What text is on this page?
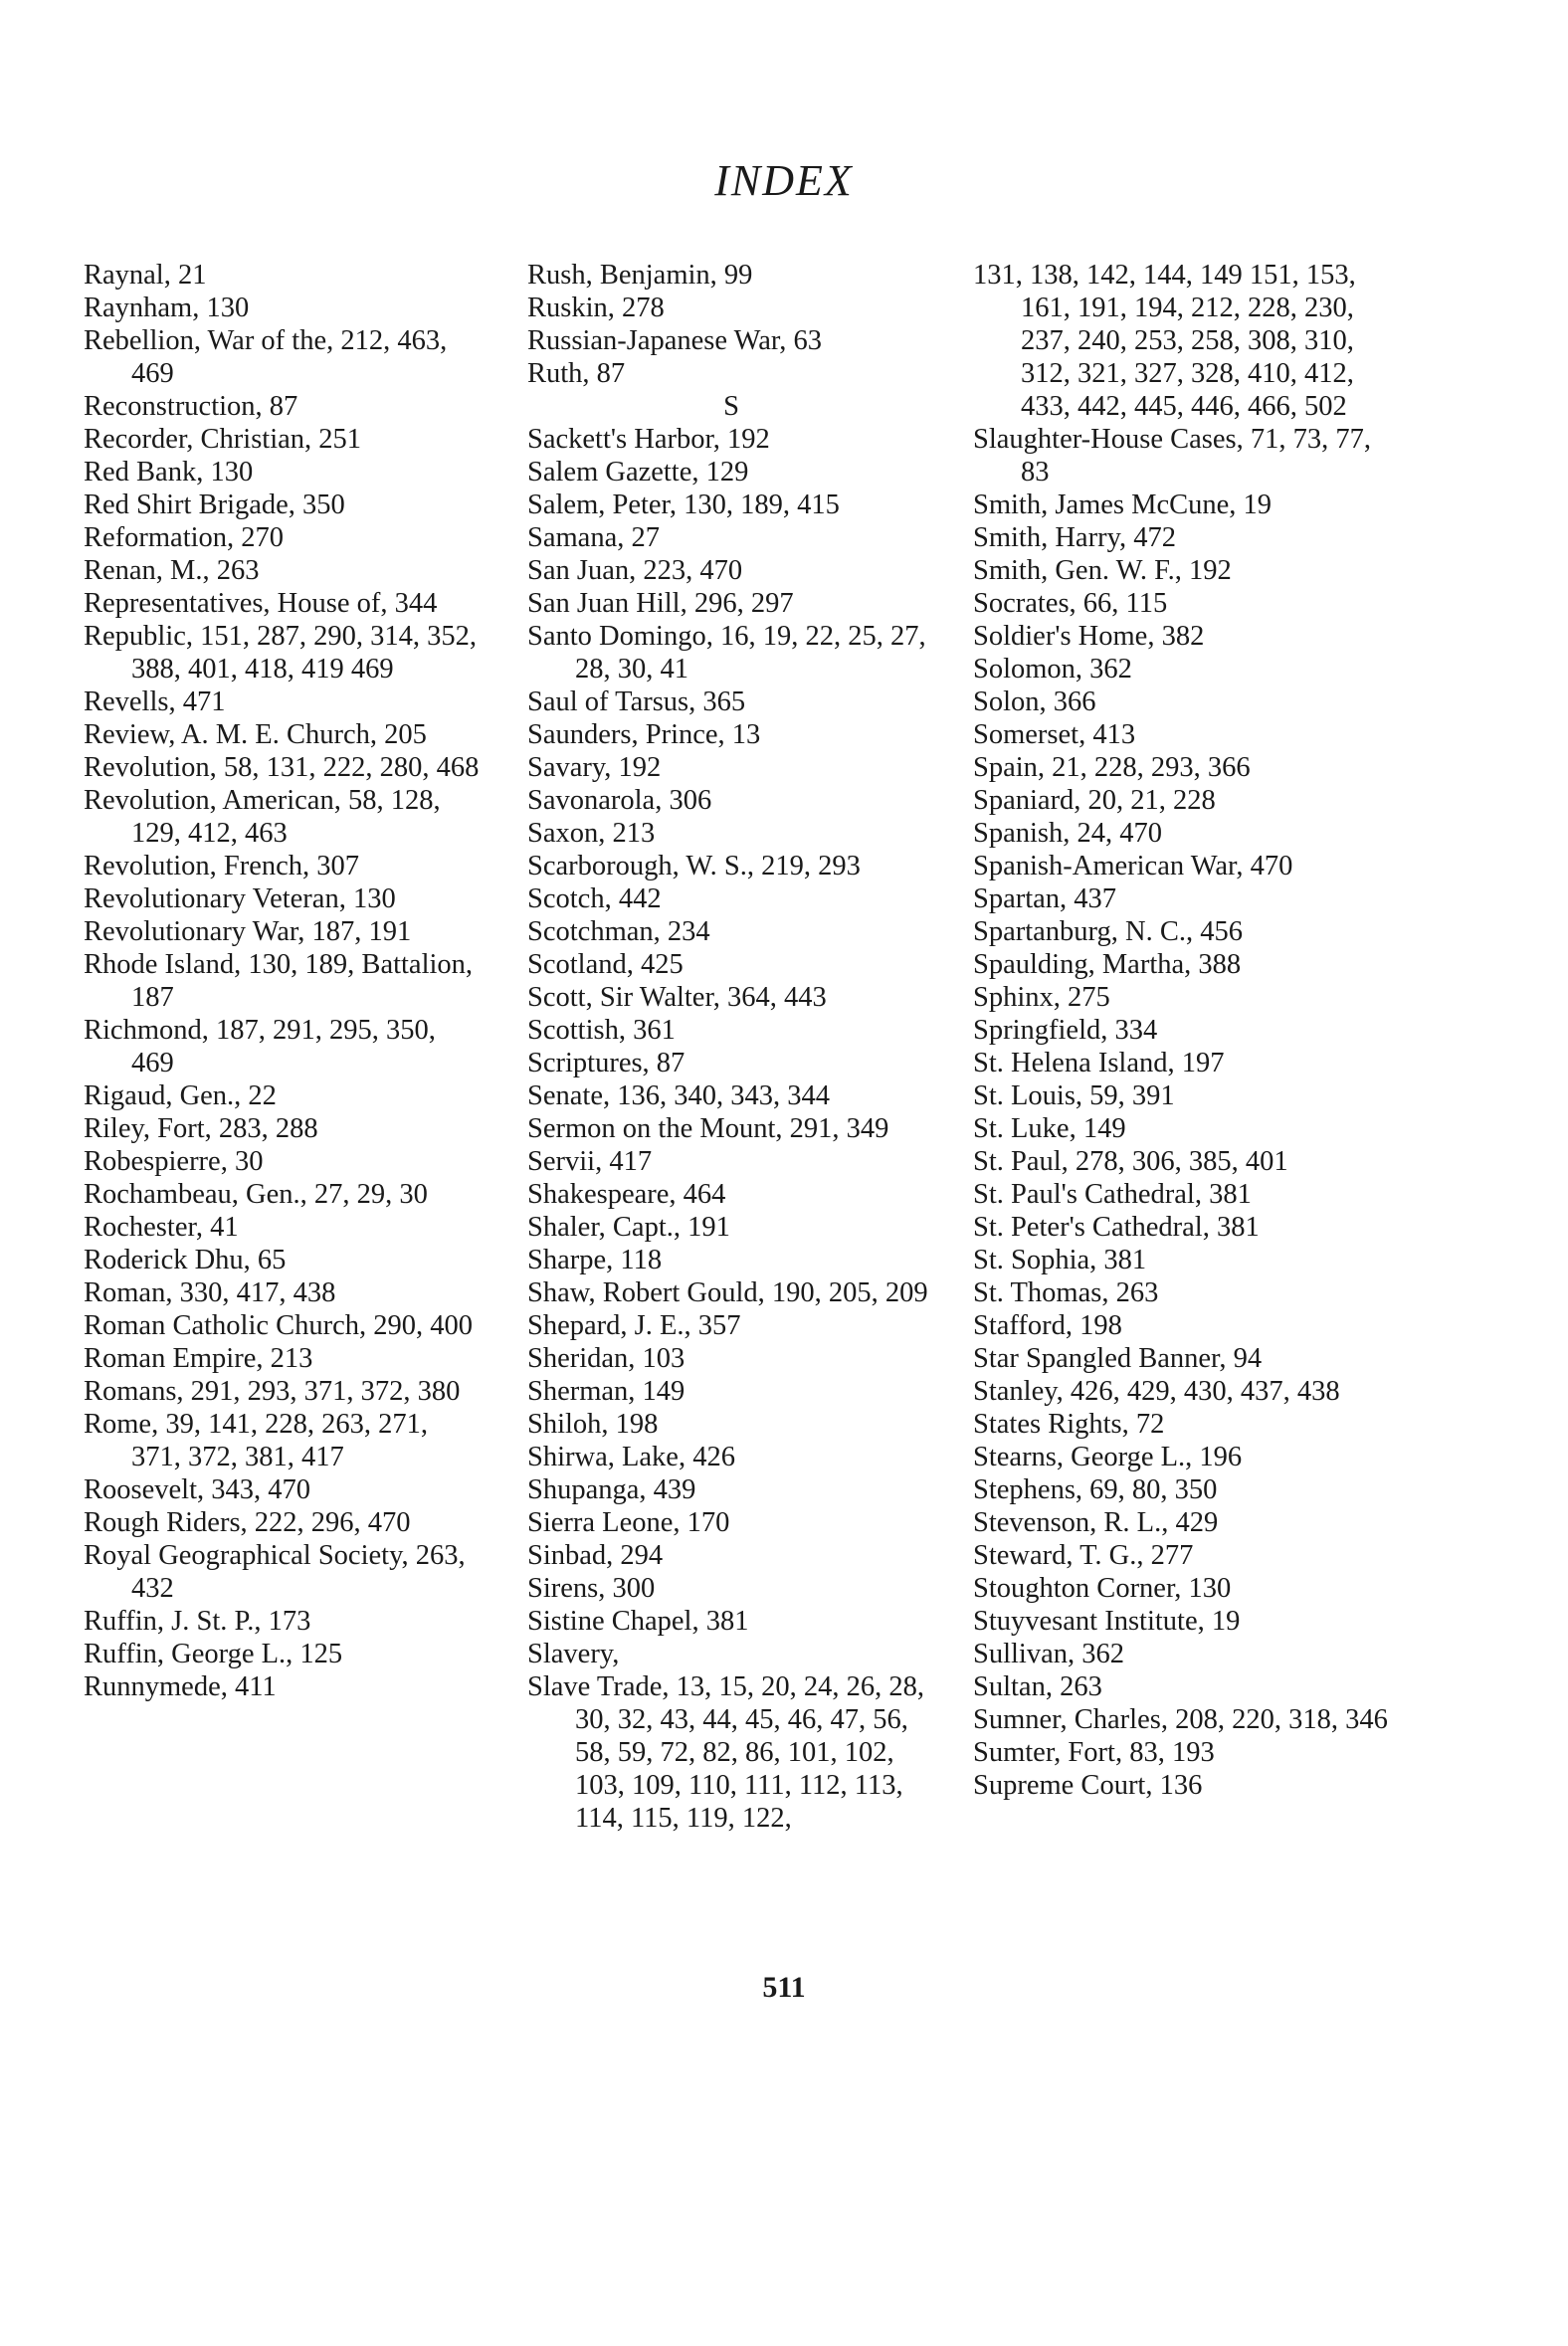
INDEX
Raynal, 21
Raynham, 130
Rebellion, War of the, 212, 463, 469
Reconstruction, 87
Recorder, Christian, 251
Red Bank, 130
Red Shirt Brigade, 350
Reformation, 270
Renan, M., 263
Representatives, House of, 344
Republic, 151, 287, 290, 314, 352, 388, 401, 418, 419 469
Revells, 471
Review, A. M. E. Church, 205
Revolution, 58, 131, 222, 280, 468
Revolution, American, 58, 128, 129, 412, 463
Revolution, French, 307
Revolutionary Veteran, 130
Revolutionary War, 187, 191
Rhode Island, 130, 189, Battalion, 187
Richmond, 187, 291, 295, 350, 469
Rigaud, Gen., 22
Riley, Fort, 283, 288
Robespierre, 30
Rochambeau, Gen., 27, 29, 30
Rochester, 41
Roderick Dhu, 65
Roman, 330, 417, 438
Roman Catholic Church, 290, 400
Roman Empire, 213
Romans, 291, 293, 371, 372, 380
Rome, 39, 141, 228, 263, 271, 371, 372, 381, 417
Roosevelt, 343, 470
Rough Riders, 222, 296, 470
Royal Geographical Society, 263, 432
Ruffin, J. St. P., 173
Ruffin, George L., 125
Runnymede, 411
Rush, Benjamin, 99
Ruskin, 278
Russian-Japanese War, 63
Ruth, 87
S
Sackett's Harbor, 192
Salem Gazette, 129
Salem, Peter, 130, 189, 415
Samana, 27
San Juan, 223, 470
San Juan Hill, 296, 297
Santo Domingo, 16, 19, 22, 25, 27, 28, 30, 41
Saul of Tarsus, 365
Saunders, Prince, 13
Savary, 192
Savonarola, 306
Saxon, 213
Scarborough, W. S., 219, 293
Scotch, 442
Scotchman, 234
Scotland, 425
Scott, Sir Walter, 364, 443
Scottish, 361
Scriptures, 87
Senate, 136, 340, 343, 344
Sermon on the Mount, 291, 349
Servii, 417
Shakespeare, 464
Shaler, Capt., 191
Sharpe, 118
Shaw, Robert Gould, 190, 205, 209
Shepard, J. E., 357
Sheridan, 103
Sherman, 149
Shiloh, 198
Shirwa, Lake, 426
Shupanga, 439
Sierra Leone, 170
Sinbad, 294
Sirens, 300
Sistine Chapel, 381
Slavery,
Slave Trade, 13, 15, 20, 24, 26, 28, 30, 32, 43, 44, 45, 46, 47, 56, 58, 59, 72, 82, 86, 101, 102, 103, 109, 110, 111, 112, 113, 114, 115, 119, 122,
131, 138, 142, 144, 149 151, 153, 161, 191, 194, 212, 228, 230, 237, 240, 253, 258, 308, 310, 312, 321, 327, 328, 410, 412, 433, 442, 445, 446, 466, 502
Slaughter-House Cases, 71, 73, 77, 83
Smith, James McCune, 19
Smith, Harry, 472
Smith, Gen. W. F., 192
Socrates, 66, 115
Soldier's Home, 382
Solomon, 362
Solon, 366
Somerset, 413
Spain, 21, 228, 293, 366
Spaniard, 20, 21, 228
Spanish, 24, 470
Spanish-American War, 470
Spartan, 437
Spartanburg, N. C., 456
Spaulding, Martha, 388
Sphinx, 275
Springfield, 334
St. Helena Island, 197
St. Louis, 59, 391
St. Luke, 149
St. Paul, 278, 306, 385, 401
St. Paul's Cathedral, 381
St. Peter's Cathedral, 381
St. Sophia, 381
St. Thomas, 263
Stafford, 198
Star Spangled Banner, 94
Stanley, 426, 429, 430, 437, 438
States Rights, 72
Stearns, George L., 196
Stephens, 69, 80, 350
Stevenson, R. L., 429
Steward, T. G., 277
Stoughton Corner, 130
Stuyvesant Institute, 19
Sullivan, 362
Sultan, 263
Sumner, Charles, 208, 220, 318, 346
Sumter, Fort, 83, 193
Supreme Court, 136
511
